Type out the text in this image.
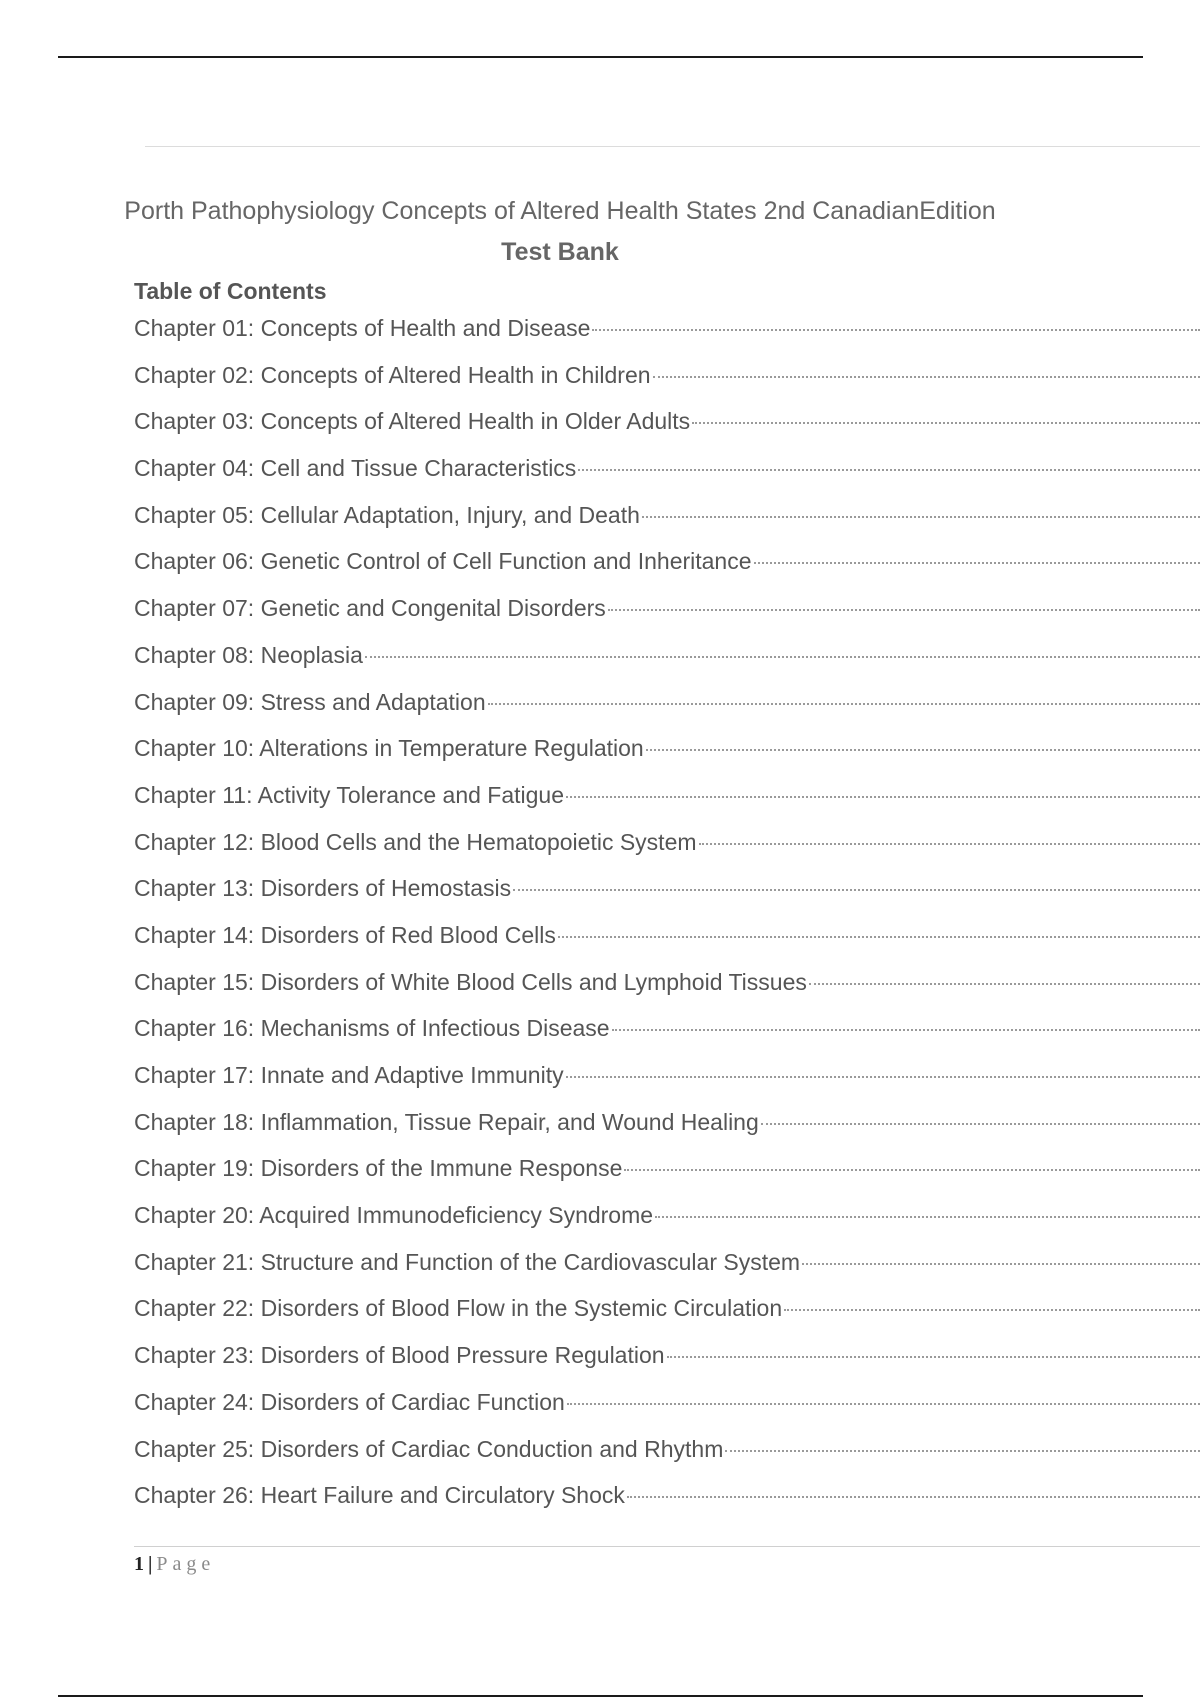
Porth Pathophysiology Concepts of Altered Health States 2nd CanadianEdition
Test Bank
Table of Contents
Chapter 01: Concepts of Health and Disease
Chapter 02: Concepts of Altered Health in Children
Chapter 03: Concepts of Altered Health in Older Adults
Chapter 04: Cell and Tissue Characteristics
Chapter 05: Cellular Adaptation, Injury, and Death
Chapter 06: Genetic Control of Cell Function and Inheritance
Chapter 07: Genetic and Congenital Disorders
Chapter 08: Neoplasia
Chapter 09: Stress and Adaptation
Chapter 10: Alterations in Temperature Regulation
Chapter 11: Activity Tolerance and Fatigue
Chapter 12: Blood Cells and the Hematopoietic System
Chapter 13: Disorders of Hemostasis
Chapter 14: Disorders of Red Blood Cells
Chapter 15: Disorders of White Blood Cells and Lymphoid Tissues
Chapter 16: Mechanisms of Infectious Disease
Chapter 17: Innate and Adaptive Immunity
Chapter 18: Inflammation, Tissue Repair, and Wound Healing
Chapter 19: Disorders of the Immune Response
Chapter 20: Acquired Immunodeficiency Syndrome
Chapter 21: Structure and Function of the Cardiovascular System
Chapter 22: Disorders of Blood Flow in the Systemic Circulation
Chapter 23: Disorders of Blood Pressure Regulation
Chapter 24: Disorders of Cardiac Function
Chapter 25: Disorders of Cardiac Conduction and Rhythm
Chapter 26: Heart Failure and Circulatory Shock

1 | Page
